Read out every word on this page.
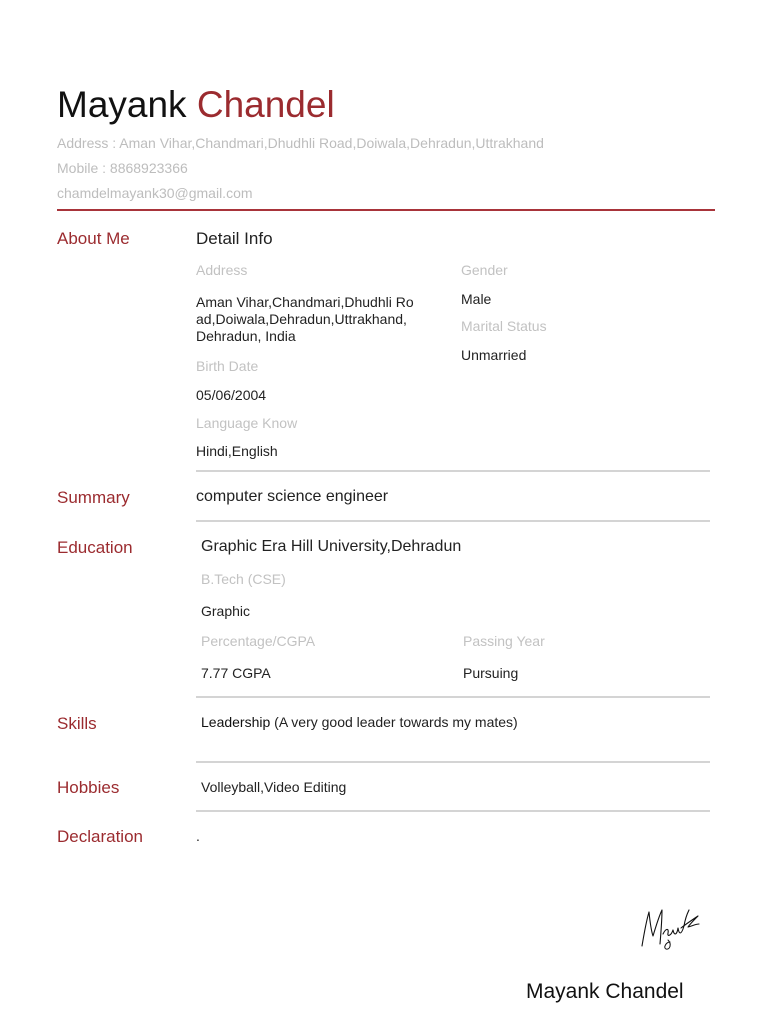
Mayank Chandel
Address : Aman Vihar,Chandmari,Dhudhli Road,Doiwala,Dehradun,Uttrakhand
Mobile : 8868923366
chamdelmayank30@gmail.com
About Me	Detail Info
Address
Aman Vihar,Chandmari,Dhudhli Ro ad,Doiwala,Dehradun,Uttrakhand, Dehradun, India
Birth Date
05/06/2004
Language Know
Hindi,English
Gender
Male
Marital Status
Unmarried
Summary	computer science engineer
Education	Graphic Era Hill University,Dehradun
B.Tech (CSE)
Graphic
Percentage/CGPA
7.77 CGPA
Passing Year
Pursuing
Skills	Leadership (A very good leader towards my mates)
Hobbies	Volleyball,Video Editing
Declaration	.
Mayank Chandel
